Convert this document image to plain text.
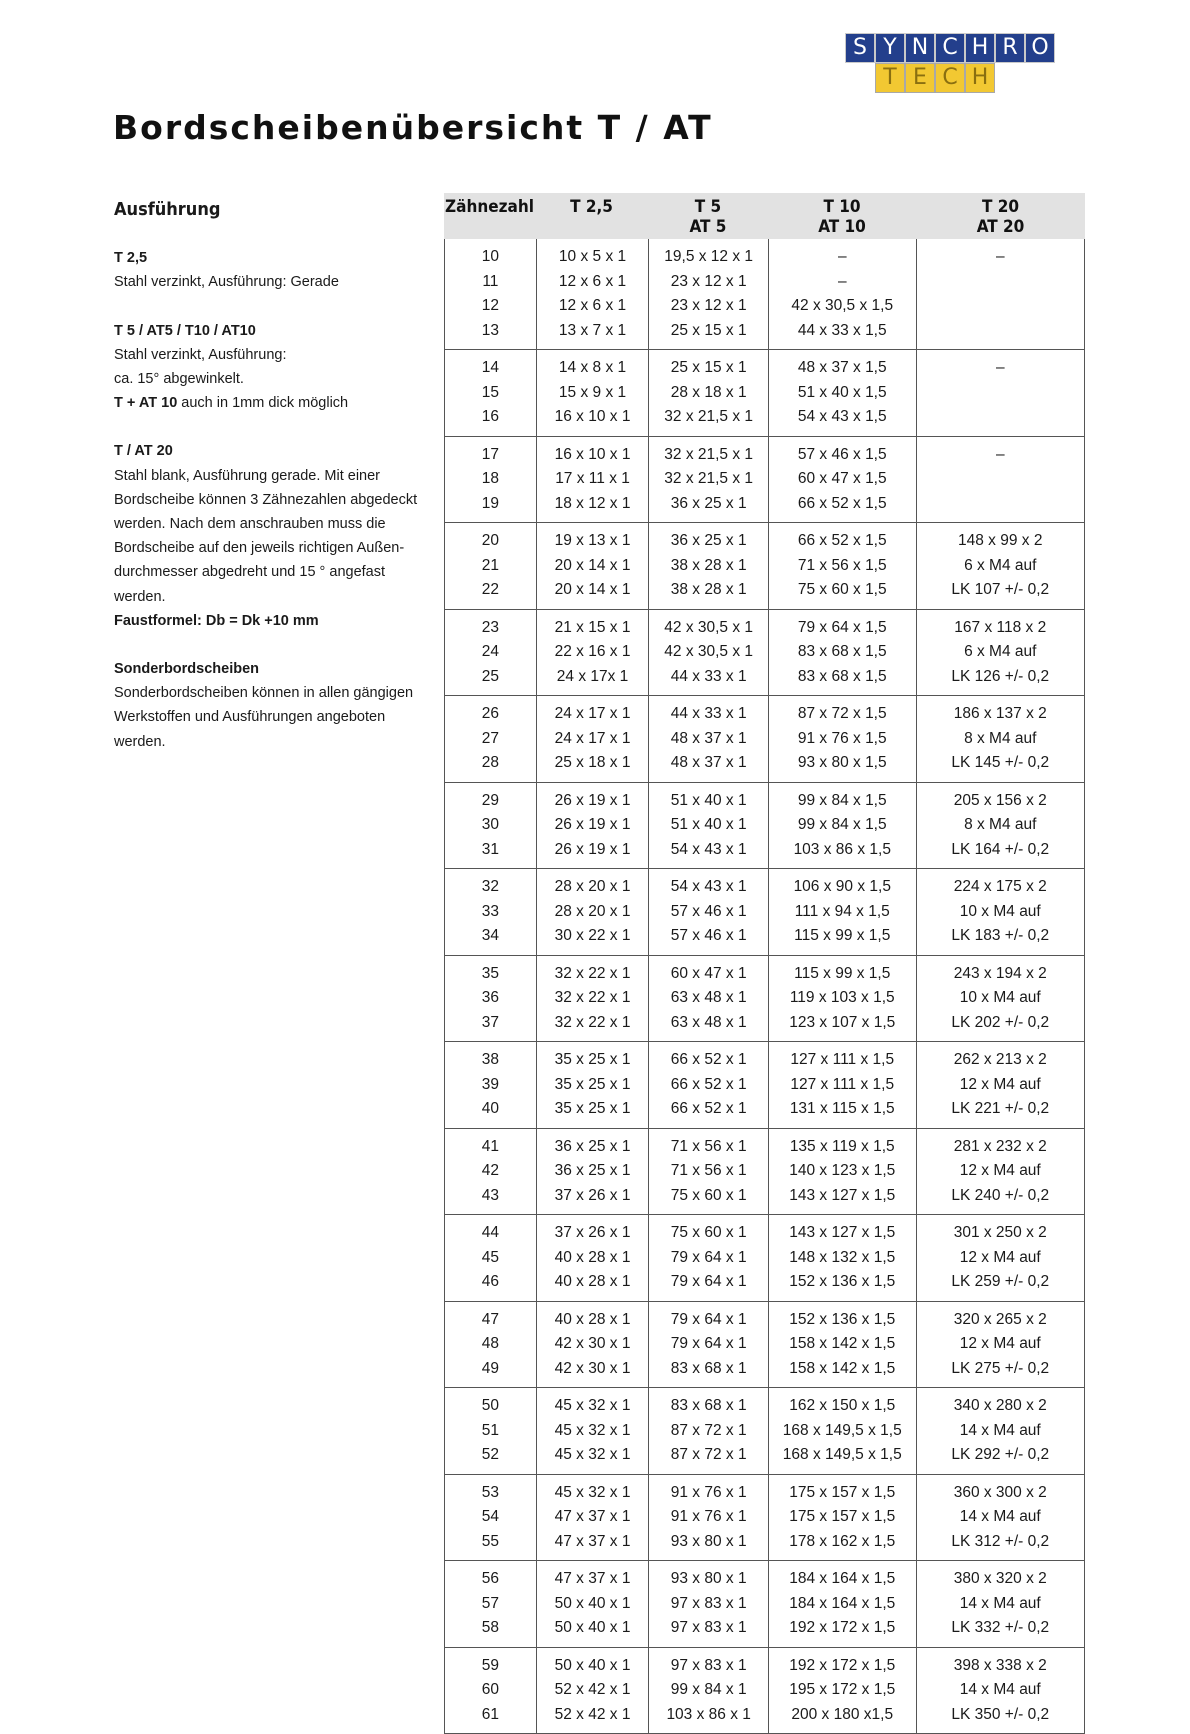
S Y N C H R O
T E C H
Bordscheibenübersicht T / AT
Ausführung
T 2,5

Stahl verzinkt, Ausführung: Gerade

T 5 / AT5 / T10 / AT10

Stahl verzinkt, Ausführung:

ca. 15° abgewinkelt.

T + AT 10 auch in 1mm dick möglich

T / AT 20

Stahl blank, Ausführung gerade. Mit einer

Bordscheibe können 3 Zähnezahlen abgedeckt

werden. Nach dem anschrauben muss die

Bordscheibe auf den jeweils richtigen Außen-

durchmesser abgedreht und 15 ° angefast

werden.

Faustformel: Db = Dk +10 mm

Sonderbordscheiben

Sonderbordscheiben können in allen gängigen

Werkstoffen und Ausführungen angeboten

werden.

Zähnezahl T 2,5	T 5
AT 5
T 10
AT 10
T 20
AT 20
10
11
12
13
10 x 5 x 1
12 x 6 x 1
12 x 6 x 1
13 x 7 x 1
19,5 x 12 x 1
23 x 12 x 1
23 x 12 x 1
25 x 15 x 1
–
–
42 x 30,5 x 1,5
44 x 33 x 1,5
–
14
15
16
14 x 8 x 1
15 x 9 x 1
16 x 10 x 1
25 x 15 x 1
28 x 18 x 1
32 x 21,5 x 1
48 x 37 x 1,5
51 x 40 x 1,5
54 x 43 x 1,5
–
17
18
19
16 x 10 x 1
17 x 11 x 1
18 x 12 x 1
32 x 21,5 x 1
32 x 21,5 x 1
36 x 25 x 1
57 x 46 x 1,5
60 x 47 x 1,5
66 x 52 x 1,5
–
20
21
22
19 x 13 x 1
20 x 14 x 1
20 x 14 x 1
36 x 25 x 1
38 x 28 x 1
38 x 28 x 1
66 x 52 x 1,5
71 x 56 x 1,5
75 x 60 x 1,5
148 x 99 x 2
6 x M4 auf
LK 107 +/- 0,2
23
24
25
21 x 15 x 1
22 x 16 x 1
24 x 17x 1
42 x 30,5 x 1
42 x 30,5 x 1
44 x 33 x 1
79 x 64 x 1,5
83 x 68 x 1,5
83 x 68 x 1,5
167 x 118 x 2
6 x M4 auf
LK 126 +/- 0,2
26
27
28
24 x 17 x 1
24 x 17 x 1
25 x 18 x 1
44 x 33 x 1
48 x 37 x 1
48 x 37 x 1
87 x 72 x 1,5
91 x 76 x 1,5
93 x 80 x 1,5
186 x 137 x 2
8 x M4 auf
LK 145 +/- 0,2
29
30
31
26 x 19 x 1
26 x 19 x 1
26 x 19 x 1
51 x 40 x 1
51 x 40 x 1
54 x 43 x 1
99 x 84 x 1,5
99 x 84 x 1,5
103 x 86 x 1,5
205 x 156 x 2
8 x M4 auf
LK 164 +/- 0,2
32
33
34
28 x 20 x 1
28 x 20 x 1
30 x 22 x 1
54 x 43 x 1
57 x 46 x 1
57 x 46 x 1
106 x 90 x 1,5
111 x 94 x 1,5
115 x 99 x 1,5
224 x 175 x 2
10 x M4 auf
LK 183 +/- 0,2
35
36
37
32 x 22 x 1
32 x 22 x 1
32 x 22 x 1
60 x 47 x 1
63 x 48 x 1
63 x 48 x 1
115 x 99 x 1,5
119 x 103 x 1,5
123 x 107 x 1,5
243 x 194 x 2
10 x M4 auf
LK 202 +/- 0,2
38
39
40
35 x 25 x 1
35 x 25 x 1
35 x 25 x 1
66 x 52 x 1
66 x 52 x 1
66 x 52 x 1
127 x 111 x 1,5
127 x 111 x 1,5
131 x 115 x 1,5
262 x 213 x 2
12 x M4 auf
LK 221 +/- 0,2
41
42
43
36 x 25 x 1
36 x 25 x 1
37 x 26 x 1
71 x 56 x 1
71 x 56 x 1
75 x 60 x 1
135 x 119 x 1,5
140 x 123 x 1,5
143 x 127 x 1,5
281 x 232 x 2
12 x M4 auf
LK 240 +/- 0,2
44
45
46
37 x 26 x 1
40 x 28 x 1
40 x 28 x 1
75 x 60 x 1
79 x 64 x 1
79 x 64 x 1
143 x 127 x 1,5
148 x 132 x 1,5
152 x 136 x 1,5
301 x 250 x 2
12 x M4 auf
LK 259 +/- 0,2
47
48
49
40 x 28 x 1
42 x 30 x 1
42 x 30 x 1
79 x 64 x 1
79 x 64 x 1
83 x 68 x 1
152 x 136 x 1,5
158 x 142 x 1,5
158 x 142 x 1,5
320 x 265 x 2
12 x M4 auf
LK 275 +/- 0,2
50
51
52
45 x 32 x 1
45 x 32 x 1
45 x 32 x 1
83 x 68 x 1
87 x 72 x 1
87 x 72 x 1
162 x 150 x 1,5
168 x 149,5 x 1,5
168 x 149,5 x 1,5
340 x 280 x 2
14 x M4 auf
LK 292 +/- 0,2
53
54
55
45 x 32 x 1
47 x 37 x 1
47 x 37 x 1
91 x 76 x 1
91 x 76 x 1
93 x 80 x 1
175 x 157 x 1,5
175 x 157 x 1,5
178 x 162 x 1,5
360 x 300 x 2
14 x M4 auf
LK 312 +/- 0,2
56
57
58
47 x 37 x 1
50 x 40 x 1
50 x 40 x 1
93 x 80 x 1
97 x 83 x 1
97 x 83 x 1
184 x 164 x 1,5
184 x 164 x 1,5
192 x 172 x 1,5
380 x 320 x 2
14 x M4 auf
LK 332 +/- 0,2
59
60
61
50 x 40 x 1
52 x 42 x 1
52 x 42 x 1
97 x 83 x 1
99 x 84 x 1
103 x 86 x 1
192 x 172 x 1,5
195 x 172 x 1,5
200 x 180 x1,5
398 x 338 x 2
14 x M4 auf
LK 350 +/- 0,2
